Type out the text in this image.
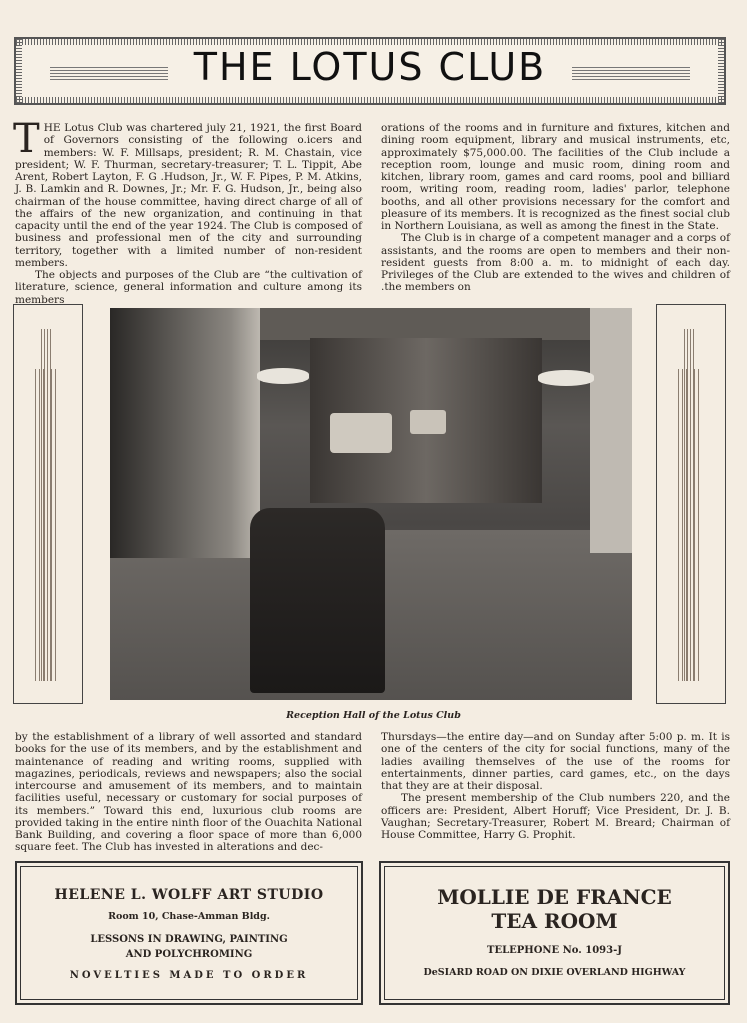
THE LOTUS CLUB

THE Lotus Club was chartered july 21, 1921, the first Board of Governors consisting of the following o.icers and members: W. F. Millsaps, president; R. M. Chastain, vice president; W. F. Thurman, secretary-treasurer; T. L. Tippit, Abe Arent, Robert Layton, F. G .Hudson, Jr., W. F. Pipes, P. M. Atkins, J. B. Lamkin and R. Downes, Jr.; Mr. F. G. Hudson, Jr., being also chairman of the house committee, having direct charge of all of the affairs of the new organization, and continuing in that capacity until the end of the year 1924. The Club is composed of business and professional men of the city and surrounding territory, together with a limited number of non-resident members.

The objects and purposes of the Club are “the cultivation of literature, science, general information and culture among its members

orations of the rooms and in furniture and fixtures, kitchen and dining room equipment, library and musical instruments, etc, approximately $75,000.00. The facilities of the Club include a reception room, lounge and music room, dining room and kitchen, library room, games and card rooms, pool and billiard room, writing room, reading room, ladies' parlor, telephone booths, and all other provisions necessary for the comfort and pleasure of its members. It is recognized as the finest social club in Northern Louisiana, as well as among the finest in the State.

The Club is in charge of a competent manager and a corps of assistants, and the rooms are open to members and their non-resident guests from 8:00 a. m. to midnight of each day. Privileges of the Club are extended to the wives and children of .the members on

Reception Hall of the Lotus Club

by the establishment of a library of well assorted and standard books for the use of its members, and by the establishment and maintenance of reading and writing rooms, supplied with magazines, periodicals, reviews and newspapers; also the social intercourse and amusement of its members, and to maintain facilities useful, necessary or customary for social purposes of its members.” Toward this end, luxurious club rooms are provided taking in the entire ninth floor of the Ouachita National Bank Building, and covering a floor space of more than 6,000 square feet. The Club has invested in alterations and dec-

Thursdays—the entire day—and on Sunday after 5:00 p. m. It is one of the centers of the city for social functions, many of the ladies availing themselves of the use of the rooms for entertainments, dinner parties, card games, etc., on the days that they are at their disposal.

The present membership of the Club numbers 220, and the officers are: President, Albert Horuff; Vice President, Dr. J. B. Vaughan; Secretary-Treasurer, Robert M. Breard; Chairman of House Committee, Harry G. Prophit.

HELENE L. WOLFF ART STUDIO
Room 10, Chase-Amman Bldg.
LESSONS IN DRAWING, PAINTING
AND POLYCHROMING
NOVELTIES MADE TO ORDER
MOLLIE DE FRANCE
TEA ROOM
TELEPHONE No. 1093-J
DeSIARD ROAD ON DIXIE OVERLAND HIGHWAY
